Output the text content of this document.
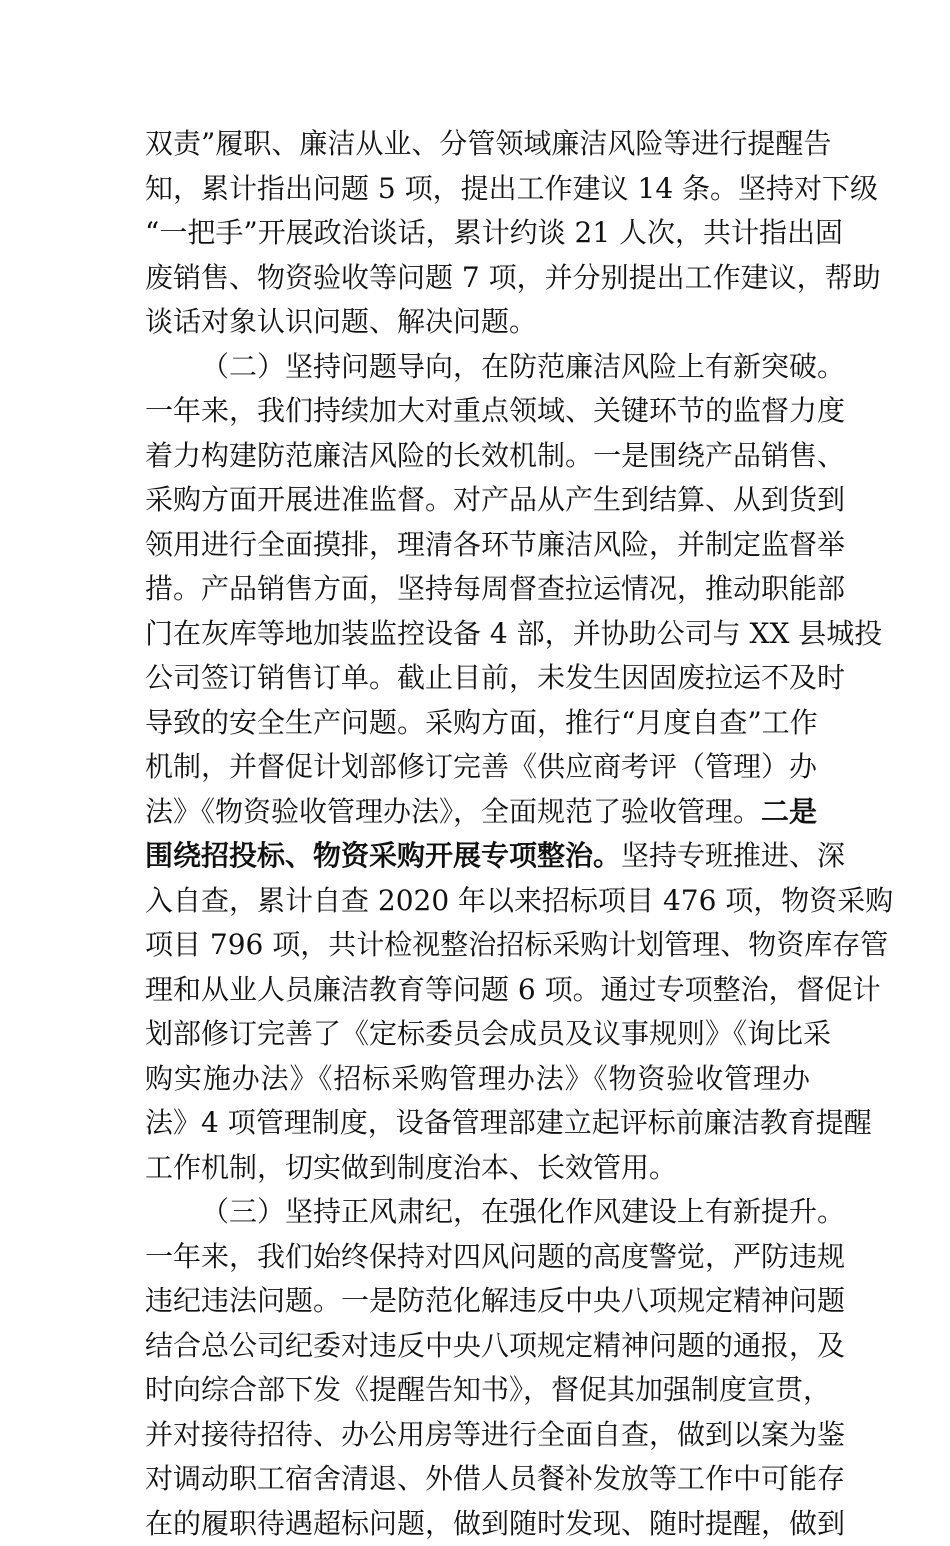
双责”履职、廉洁从业、分管领域廉洁风险等进行提醒告
知，累计指出问题 5 项，提出工作建议 14 条。坚持对下级
“一把手”开展政治谈话，累计约谈 21 人次，共计指出固
废销售、物资验收等问题 7 项，并分别提出工作建议，帮助
谈话对象认识问题、解决问题。
（二）坚持问题导向，在防范廉洁风险上有新突破。
一年来，我们持续加大对重点领域、关键环节的监督力度
着力构建防范廉洁风险的长效机制。一是围绕产品销售、
采购方面开展进准监督。对产品从产生到结算、从到货到
领用进行全面摸排，理清各环节廉洁风险，并制定监督举
措。产品销售方面，坚持每周督查拉运情况，推动职能部
门在灰库等地加装监控设备 4 部，并协助公司与 XX 县城投
公司签订销售订单。截止目前，未发生因固废拉运不及时
导致的安全生产问题。采购方面，推行“月度自查”工作
机制，并督促计划部修订完善《供应商考评（管理）办
法》《物资验收管理办法》，全面规范了验收管理。二是
围绕招投标、物资采购开展专项整治。坚持专班推进、深
入自查，累计自查 2020 年以来招标项目 476 项，物资采购
项目 796 项，共计检视整治招标采购计划管理、物资库存管
理和从业人员廉洁教育等问题 6 项。通过专项整治，督促计
划部修订完善了《定标委员会成员及议事规则》《询比采
购实施办法》《招标采购管理办法》《物资验收管理办
法》4 项管理制度，设备管理部建立起评标前廉洁教育提醒
工作机制，切实做到制度治本、长效管用。
（三）坚持正风肃纪，在强化作风建设上有新提升。
一年来，我们始终保持对四风问题的高度警觉，严防违规
违纪违法问题。一是防范化解违反中央八项规定精神问题
结合总公司纪委对违反中央八项规定精神问题的通报，及
时向综合部下发《提醒告知书》，督促其加强制度宣贯，
并对接待招待、办公用房等进行全面自查，做到以案为鉴
对调动职工宿舍清退、外借人员餐补发放等工作中可能存
在的履职待遇超标问题，做到随时发现、随时提醒，做到
